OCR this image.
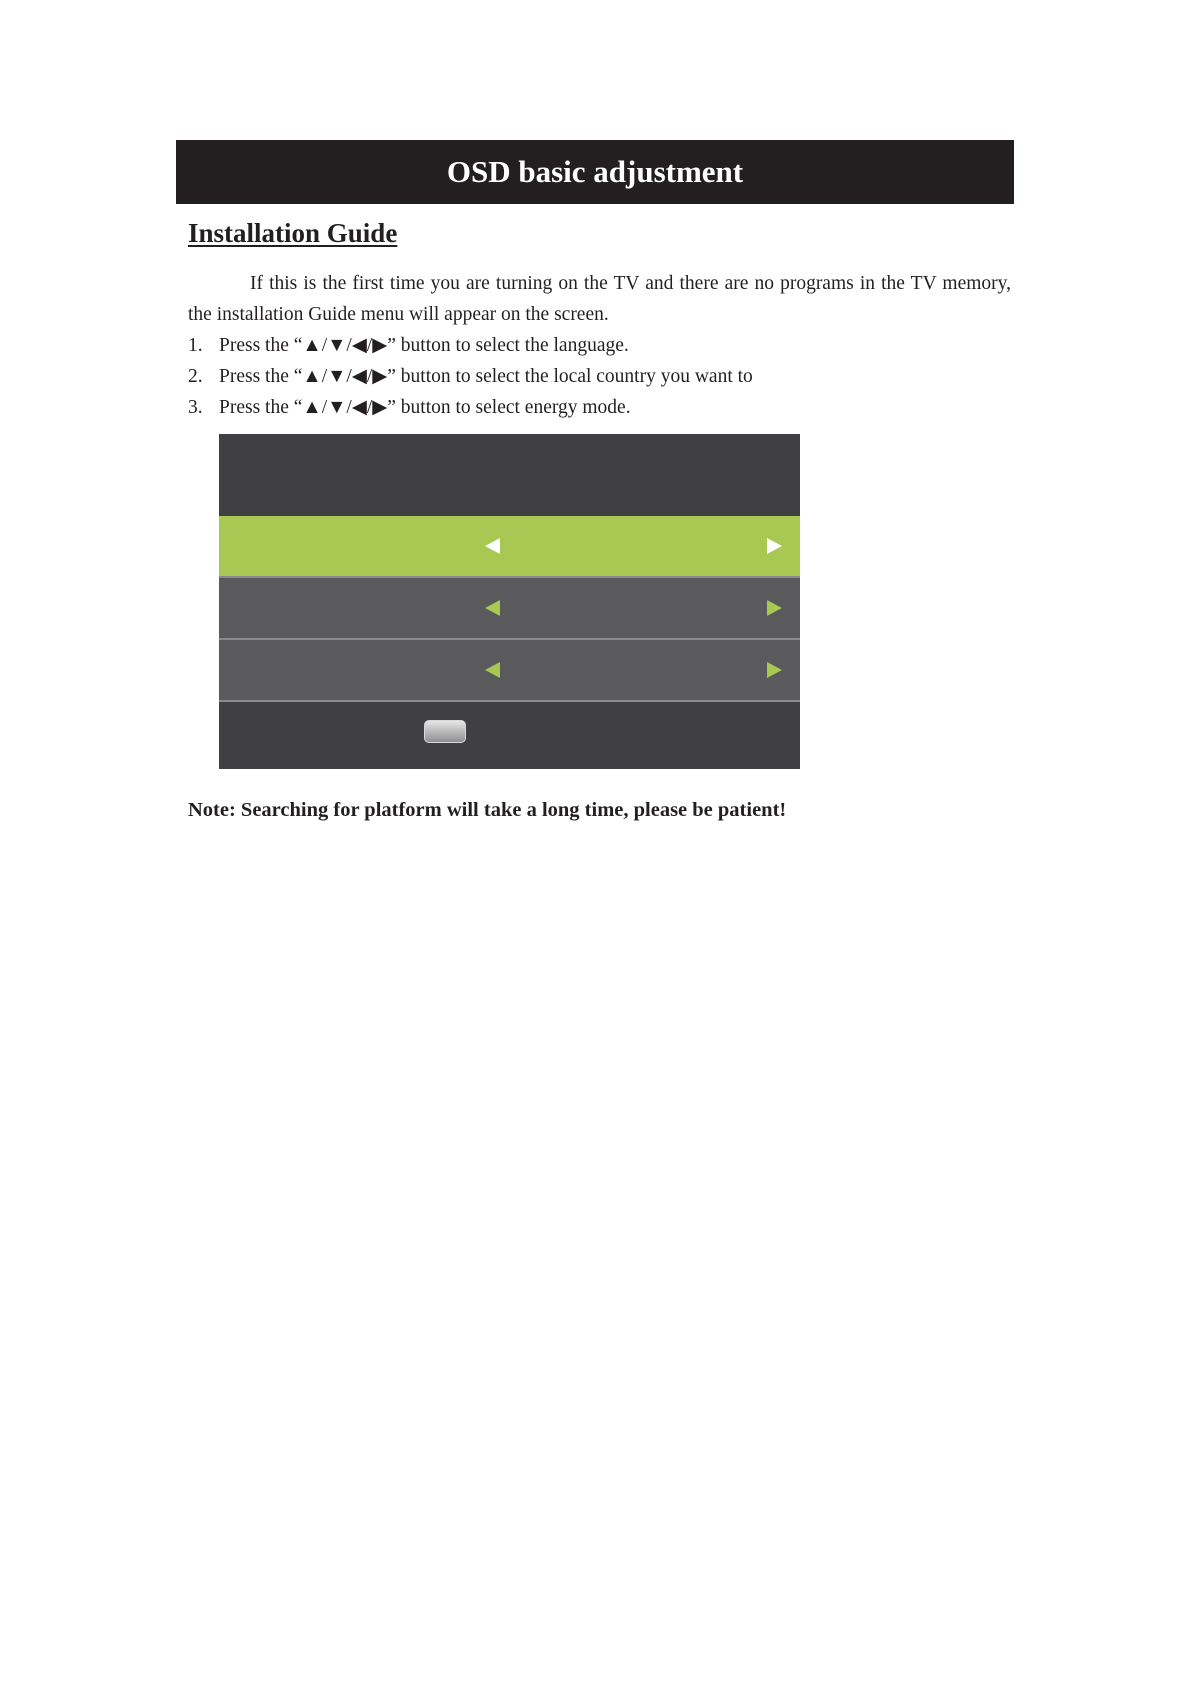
OSD basic adjustment
Installation Guide

If this is the first time you are turning on the TV and there are no programs in the TV memory, the installation Guide menu will appear on the screen.

1. Press the “▲/▼/◀/▶” button to select the language.
2. Press the “▲/▼/◀/▶” button to select the local country you want to
3. Press the “▲/▼/◀/▶” button to select energy mode.

Note: Searching for platform will take a long time, please be patient!
